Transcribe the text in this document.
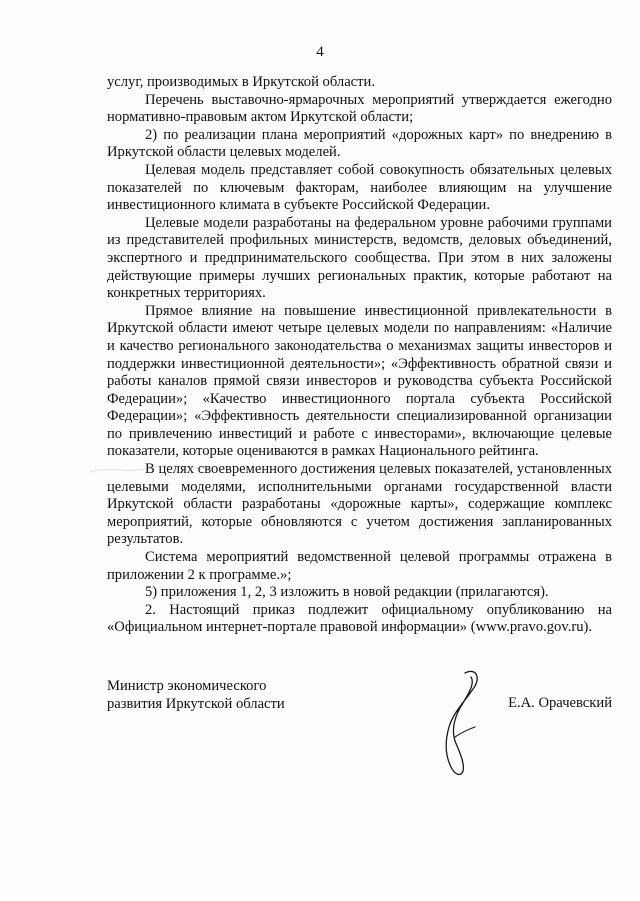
4

услуг, производимых в Иркутской области.

Перечень выставочно-ярмарочных мероприятий утверждается ежегодно нормативно-правовым актом Иркутской области;

2) по реализации плана мероприятий «дорожных карт» по внедрению в Иркутской области целевых моделей.

Целевая модель представляет собой совокупность обязательных целевых показателей по ключевым факторам, наиболее влияющим на улучшение инвестиционного климата в субъекте Российской Федерации.

Целевые модели разработаны на федеральном уровне рабочими группами из представителей профильных министерств, ведомств, деловых объединений, экспертного и предпринимательского сообщества. При этом в них заложены действующие примеры лучших региональных практик, которые работают на конкретных территориях.

Прямое влияние на повышение инвестиционной привлекательности в Иркутской области имеют четыре целевых модели по направлениям: «Наличие и качество регионального законодательства о механизмах защиты инвесторов и поддержки инвестиционной деятельности»; «Эффективность обратной связи и работы каналов прямой связи инвесторов и руководства субъекта Российской Федерации»; «Качество инвестиционного портала субъекта Российской Федерации»; «Эффективность деятельности специализированной организации по привлечению инвестиций и работе с инвесторами», включающие целевые показатели, которые оцениваются в рамках Национального рейтинга.

В целях своевременного достижения целевых показателей, установленных целевыми моделями, исполнительными органами государственной власти Иркутской области разработаны «дорожные карты», содержащие комплекс мероприятий, которые обновляются с учетом достижения запланированных результатов.

Система мероприятий ведомственной целевой программы отражена в приложении 2 к программе.»;

5) приложения 1, 2, 3 изложить в новой редакции (прилагаются).

2. Настоящий приказ подлежит официальному опубликованию на «Официальном интернет-портале правовой информации» (www.pravo.gov.ru).

Министр экономического
развития Иркутской области	Е.А. Орачевский
